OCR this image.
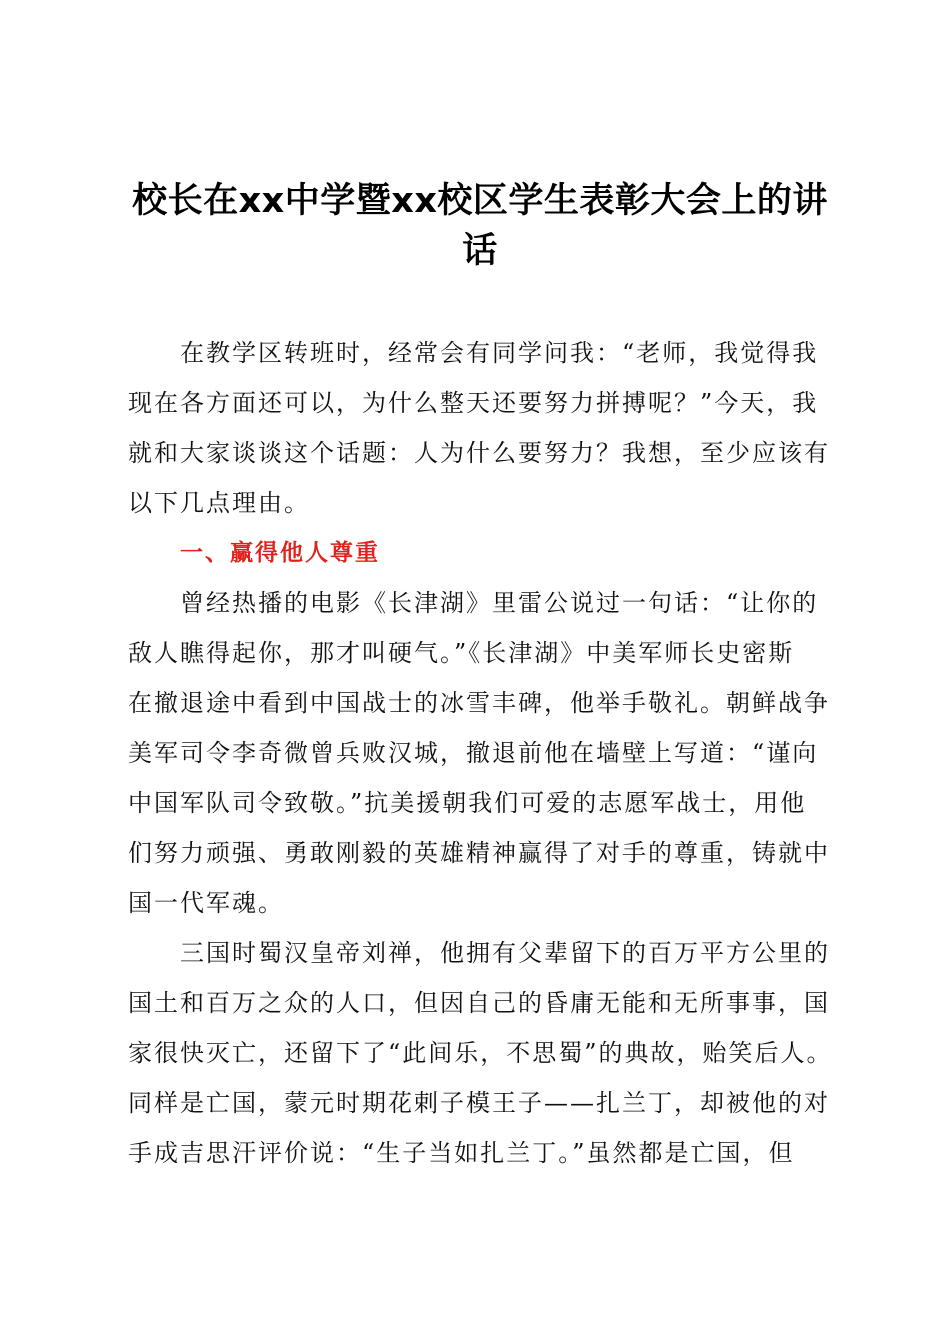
校长在xx中学暨xx校区学生表彰大会上的讲
话

在教学区转班时，经常会有同学问我：“老师，我觉得我
现在各方面还可以，为什么整天还要努力拼搏呢？”今天，我
就和大家谈谈这个话题：人为什么要努力？我想，至少应该有
以下几点理由。

一、赢得他人尊重

曾经热播的电影《长津湖》里雷公说过一句话：“让你的
敌人瞧得起你，那才叫硬气。”《长津湖》中美军师长史密斯
在撤退途中看到中国战士的冰雪丰碑，他举手敬礼。朝鲜战争
美军司令李奇微曾兵败汉城，撤退前他在墙壁上写道：“谨向
中国军队司令致敬。”抗美援朝我们可爱的志愿军战士，用他
们努力顽强、勇敢刚毅的英雄精神赢得了对手的尊重，铸就中
国一代军魂。

三国时蜀汉皇帝刘禅，他拥有父辈留下的百万平方公里的
国土和百万之众的人口，但因自己的昏庸无能和无所事事，国
家很快灭亡，还留下了“此间乐，不思蜀”的典故，贻笑后人。
同样是亡国，蒙元时期花剌子模王子——扎兰丁，却被他的对
手成吉思汗评价说：“生子当如扎兰丁。”虽然都是亡国，但
